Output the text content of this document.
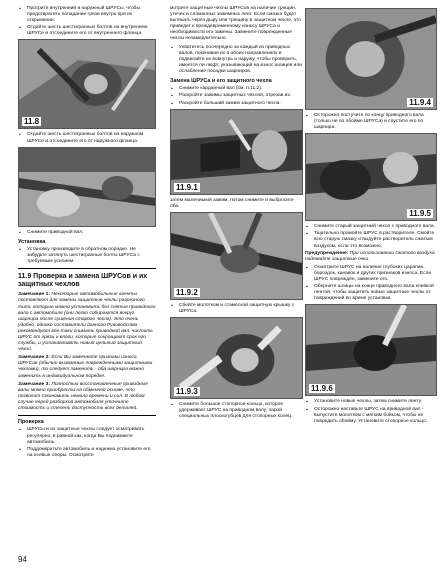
▪ Протрите внутренний и наружный ШРУСы, чтобы предотвратить попадание грязи внутрь при их открывании.
▪ Отдайте шесть шестигранных болтов на внутреннем ШРУСе и отсоедините его от внутреннего фланца.
11.8
▪ Отдайте шесть шестигранных болтов на наружном ШРУСе и отсоедините его от наружного фланца.
▪ Снимите приводной вал.
Установка
▪ Установку производите в обратном порядке. Не забудьте затянуть шестигранные болты ШРУСа с требуемым усилием.
11.9 Проверка и замена ШРУСов и их защитных чехлов

Замечание 1: Некоторые автомобильные агенты поставляют для замены защитные чехлы разрезного типа, которые можно установить без снятия приводного вала с автомобиля (они легко собираются вокруг шарнира после сушения старого чехла). Это очень удобно; однако составители данного Руководства рекомендуют все-таки снимать приводной вал, чистить ШРУС от грязи и влаги, которые сокращают срок его службы, и устанавливать новый цельный защитный чехол.

Замечание 2: Если Вы замечаете признаки износа ШРУСов (обычно вызванные поврежденными защитными чехлами), то следует заменить - оба шарнира можно заменить в индивидуальном порядке.

Замечание 3: Полностью восстановленные приводные валы можно приобрести на обменной основе, что позволит сэкономить немало времени и сил. В любом случае перед разборкой автомобиля уточните стоимость и степень доступности всех деталей.

Проверка
▪ ШРУСы и их защитные чехлы следует осматривать регулярно, в равной как, когда Вы поднимаете автомобиль.
▪ Поддомкратьте автомобиль и надежно установите его на осевые опоры. Осмотрите

мотрите защитные чехлы ШРУСов на наличие трещин, утечек и сломанных зажимных лент. Если смазка будет вытекать через дыру или трещину в защитном чехле, это приведет к преждевременному износу ШРУСа и необходимости его замены. Замените поврежденные чехлы незамедлительно.

▪ Ухватитесь поочередно за каждый из приводных валов, покачивая их в обоих направлениях и подвигайте их вовнутрь и наружу, чтобы проверить, имеется ли люфт, указывающий на износ шлицев или ослабление посадки шарниров.
Замена ШРУСа и его защитного чехла
▪ Снимите карданный вал (см. п.11.2).
▪ Раскройте зажимы защитных чехлов, отрезав их.
▪ Раскройте больший зажим защитного чехла.
11.9.1

затем малениький зажим, потом снимите и выбросите оба.

11.9.2
▪ Сбейте молотком и стамеской защитную крышку с ШРУСа.
11.9.3
▪ Снимите большое стопорное кольцо, которое удерживает ШРУС на приводном валу, парой специальных плоскогубцев для стопорных колец.
11.9.4
▪ Осторожно постучите по концу приводного вала (только не по обойме ШРУСа) и спустите его по шарнира.
11.9.5
▪ Снимите старый защитный чехол с приводного вала.
▪ Тщательно промойте ШРУС в растворителе. Смойте всю старую смазку и выдуйте растворитель сжатым воздухом, если это возможно.

Предупреждение: При использовании сжатого воздуха надевайте защитные очки.

▪ Осмотрите ШРУС на наличие глубоких царапин, бороздок, канавок и других признаков износа. Если ШРУС поврежден, замените его.
▪ Оберните шлицы на конце приводного вала клейкой лентой, чтобы защитить новые защитные чехлы от повреждений во время установки.
11.9.6
▪ Установите новые чехлы, затем снимите ленту.
▪ Осторожно наставьте ШРУС на приводной вал - выпустите молотком с мягким бойком, чтобы не повредить обойму. Установите стопорное кольцо.
94
